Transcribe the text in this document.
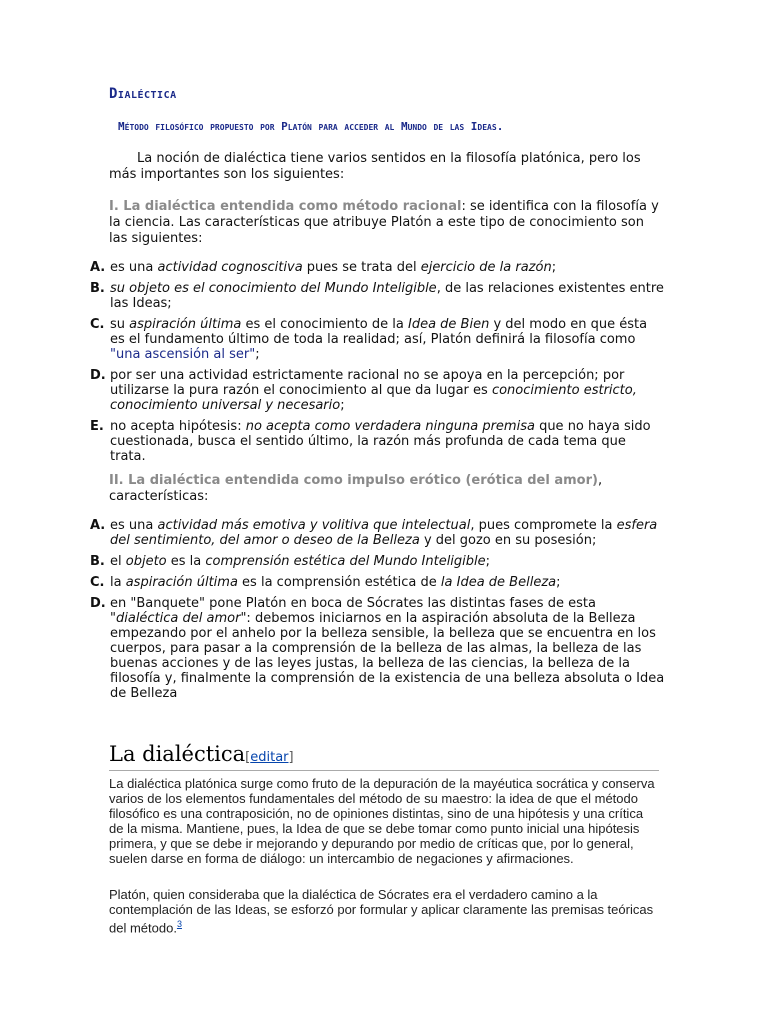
Dialéctica
Método filosófico propuesto por Platón para acceder al Mundo de las Ideas.
La noción de dialéctica tiene varios sentidos en la filosofía platónica, pero los más importantes son los siguientes:
I. La dialéctica entendida como método racional: se identifica con la filosofía y la ciencia. Las características que atribuye Platón a este tipo de conocimiento son las siguientes:
A. es una actividad cognoscitiva pues se trata del ejercicio de la razón;
B. su objeto es el conocimiento del Mundo Inteligible, de las relaciones existentes entre las Ideas;
C. su aspiración última es el conocimiento de la Idea de Bien y del modo en que ésta es el fundamento último de toda la realidad; así, Platón definirá la filosofía como "una ascensión al ser";
D. por ser una actividad estrictamente racional no se apoya en la percepción; por utilizarse la pura razón el conocimiento al que da lugar es conocimiento estricto, conocimiento universal y necesario;
E. no acepta hipótesis: no acepta como verdadera ninguna premisa que no haya sido cuestionada, busca el sentido último, la razón más profunda de cada tema que trata.
II. La dialéctica entendida como impulso erótico (erótica del amor), características:
A. es una actividad más emotiva y volitiva que intelectual, pues compromete la esfera del sentimiento, del amor o deseo de la Belleza y del gozo en su posesión;
B. el objeto es la comprensión estética del Mundo Inteligible;
C. la aspiración última es la comprensión estética de la Idea de Belleza;
D. en "Banquete" pone Platón en boca de Sócrates las distintas fases de esta "dialéctica del amor": debemos iniciarnos en la aspiración absoluta de la Belleza empezando por el anhelo por la belleza sensible, la belleza que se encuentra en los cuerpos, para pasar a la comprensión de la belleza de las almas, la belleza de las buenas acciones y de las leyes justas, la belleza de las ciencias, la belleza de la filosofía y, finalmente la comprensión de la existencia de una belleza absoluta o Idea de Belleza
La dialéctica[editar]
La dialéctica platónica surge como fruto de la depuración de la mayéutica socrática y conserva varios de los elementos fundamentales del método de su maestro: la idea de que el método filosófico es una contraposición, no de opiniones distintas, sino de una hipótesis y una crítica de la misma. Mantiene, pues, la Idea de que se debe tomar como punto inicial una hipótesis primera, y que se debe ir mejorando y depurando por medio de críticas que, por lo general, suelen darse en forma de diálogo: un intercambio de negaciones y afirmaciones.
Platón, quien consideraba que la dialéctica de Sócrates era el verdadero camino a la contemplación de las Ideas, se esforzó por formular y aplicar claramente las premisas teóricas del método.$^3$
